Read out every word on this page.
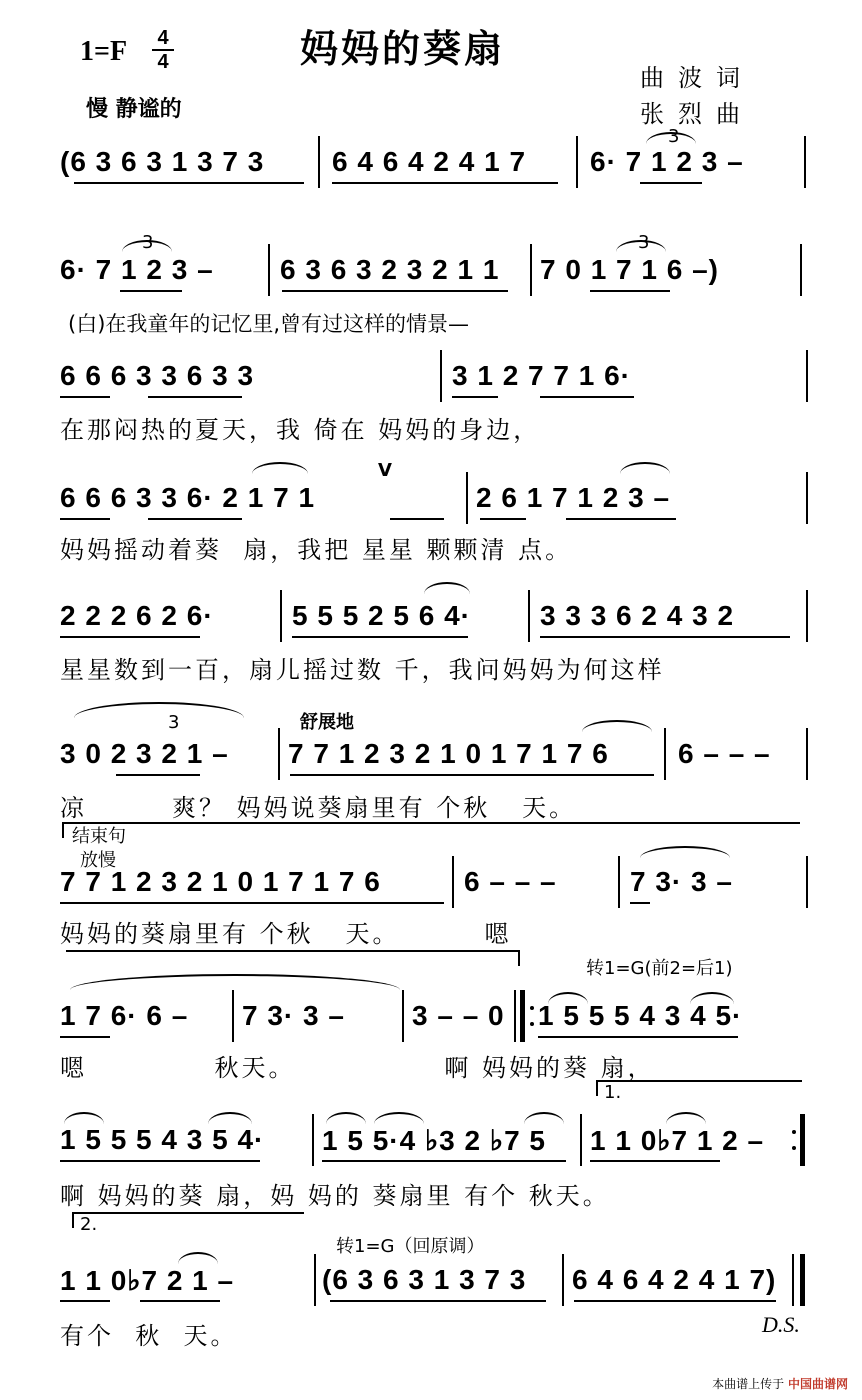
1=F 4
4	妈妈的葵扇
曲波词
张烈曲
慢 静谧的
(6 3 6 3 1 3 7 3 6 4 6 4 2 4 1 7 6· 7 1 2 3 –
3
6· 7 1 2 3 – 6 3 6 3 2 3 2 1 1 7 0 1 7 1 6 –)
3	3
(白)在我童年的记忆里,曾有过这样的情景—
6 6 6 3 3 6 3 3	3 1 2 7 7 1 6·
在那闷热的夏天，我 倚在 妈妈的身边，
6 6 6 3 3 6· 2 1 7 1	2 6 1 7 1 2 3 –
V
妈妈摇动着葵  扇，我把 星星 颗颗清 点。
2 2 2 6 2 6·	5 5 5 2 5 6 4· 3 3 3 6 2 4 3 2
星星数到一百，扇儿摇过数 千，我问妈妈为何这样
舒展地
3 0 2 3 2 1 – 7 7 1 2 3 2 1 0 1 7 1 7 6 6 – – –
3
凉        爽？ 妈妈说葵扇里有 个秋   天。
结束句
放慢
7 7 1 2 3 2 1 0 1 7 1 7 6	6 – – –	7 3· 3 –
妈妈的葵扇里有 个秋   天。        嗯
转1=G(前2=后1)
1 7 6· 6 – 7 3· 3 – 3 – – 0 1 5 5 5 4 3 4 5·
嗯            秋天。              啊 妈妈的葵 扇，
1.
1 5 5 5 4 3 5 4· 1 5 5·4 ♭3 2 ♭7 5 1 1 0♭7 1 2 –
啊 妈妈的葵 扇，妈 妈的 葵扇里 有个 秋天。
2.
转1=G（回原调）
1 1 0♭7 2 1 –	(6 3 6 3 1 3 7 3 6 4 6 4 2 4 1 7)
有个  秋  天。 D.S.
本曲谱上传于 中国曲谱网
